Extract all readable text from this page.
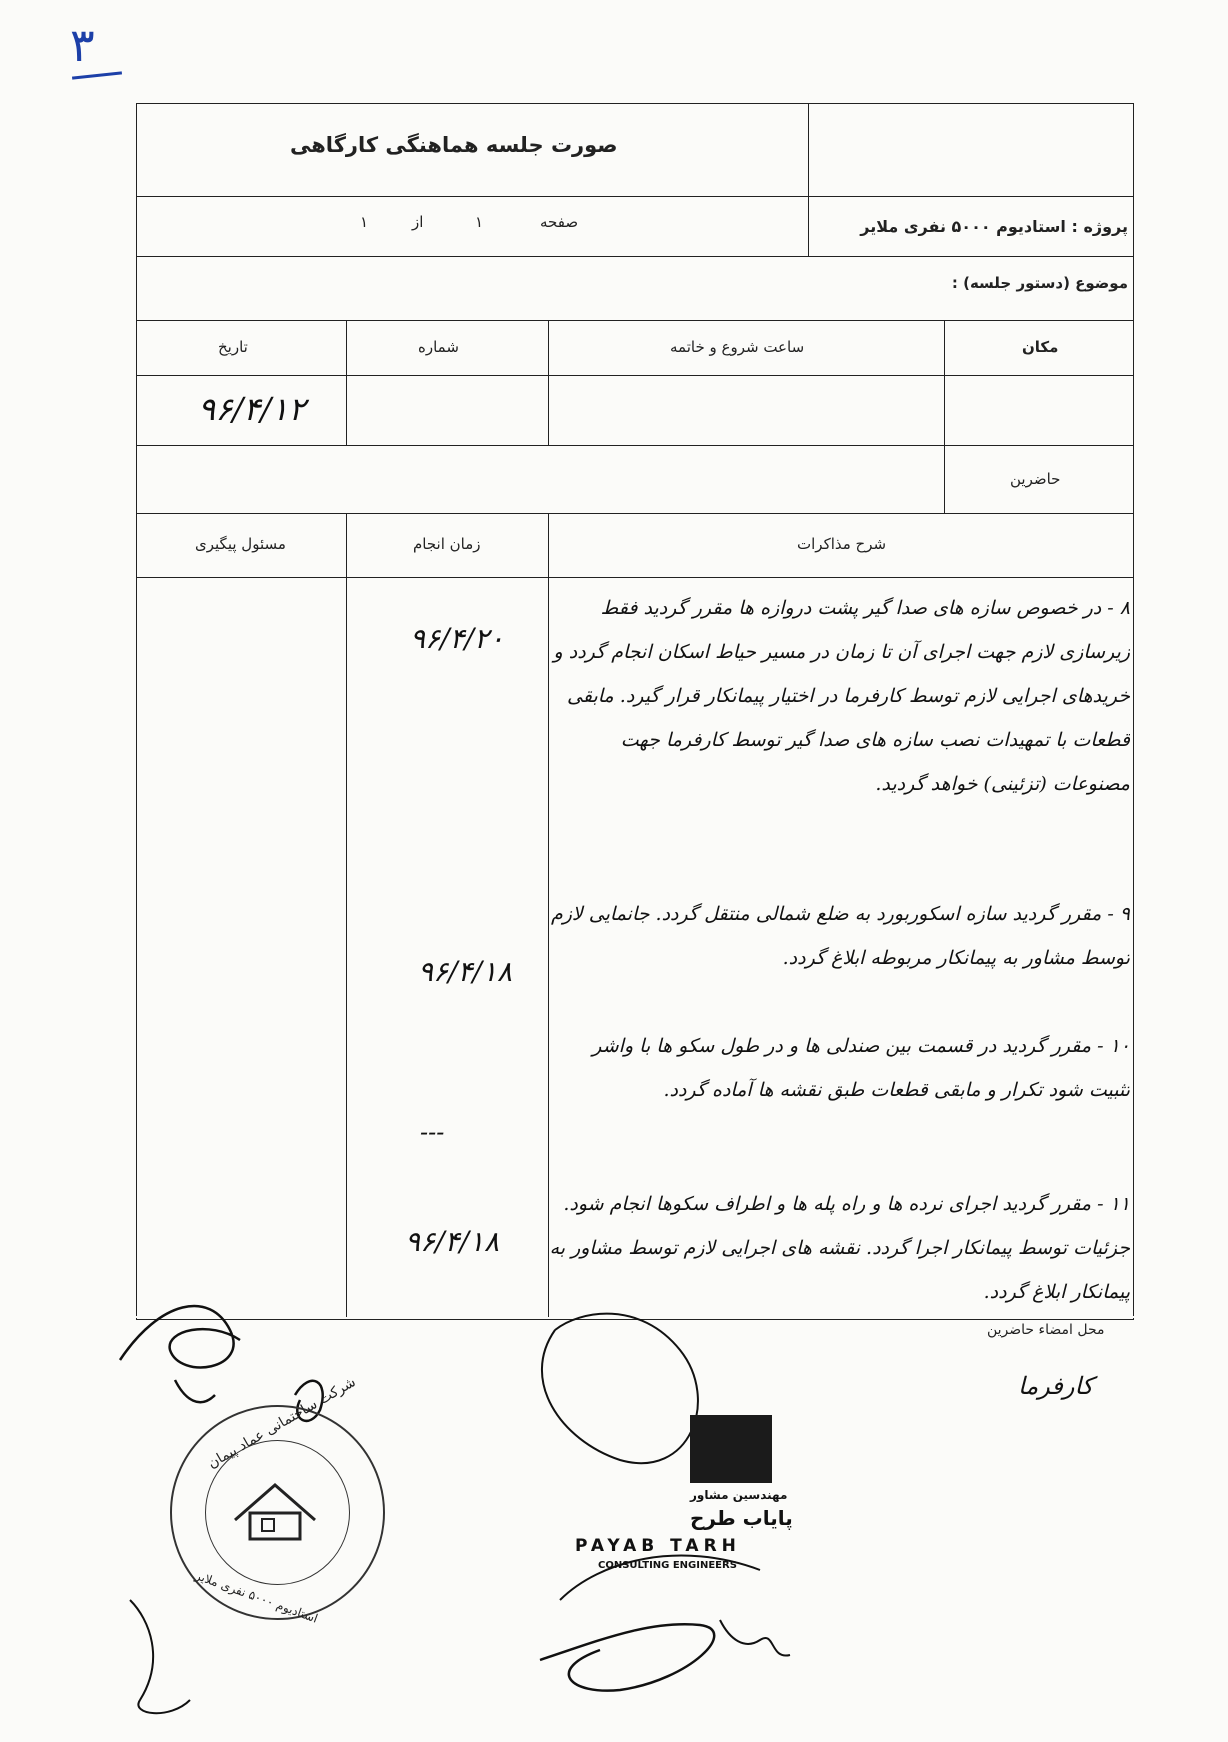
۳
صورت جلسه هماهنگی کارگاهی
پروژه : استادیوم ۵۰۰۰ نفری ملایر
صفحه
۱
از
۱
موضوع (دستور جلسه) :
مکان
ساعت شروع و خاتمه
شماره
تاریخ
۹۶/۴/۱۲
حاضرین
شرح مذاکرات
زمان انجام
مسئول پیگیری

۸ - در خصوص سازه های صدا گیر پشت دروازه ها مقرر گردید فقط زیرسازی لازم جهت اجرای آن تا زمان در مسیر حیاط اسکان انجام گردد و خریدهای اجرایی لازم توسط کارفرما در اختیار پیمانکار قرار گیرد. مابقی قطعات با تمهیدات نصب سازه های صدا گیر توسط کارفرما جهت مصنوعات (تزئینی) خواهد گردید.

۹ - مقرر گردید سازه اسکوربورد به ضلع شمالی منتقل گردد. جانمایی لازم توسط مشاور به پیمانکار مربوطه ابلاغ گردد.

۱۰ - مقرر گردید در قسمت بین صندلی ها و در طول سکو ها با واشر تثبیت شود تکرار و مابقی قطعات طبق نقشه ها آماده گردد.

۱۱ - مقرر گردید اجرای نرده ها و راه پله ها و اطراف سکوها انجام شود. جزئیات توسط پیمانکار اجرا گردد. نقشه های اجرایی لازم توسط مشاور به پیمانکار ابلاغ گردد.

۹۶/۴/۲۰
۹۶/۴/۱۸
---
۹۶/۴/۱۸
محل امضاء حاضرین
کارفرما
شرکت ساختمانی عماد پیمان
استادیوم ۵۰۰۰ نفری ملایر
مهندسین مشاور
پایاب طرح
PAYAB TARH
CONSULTING ENGINEERS
